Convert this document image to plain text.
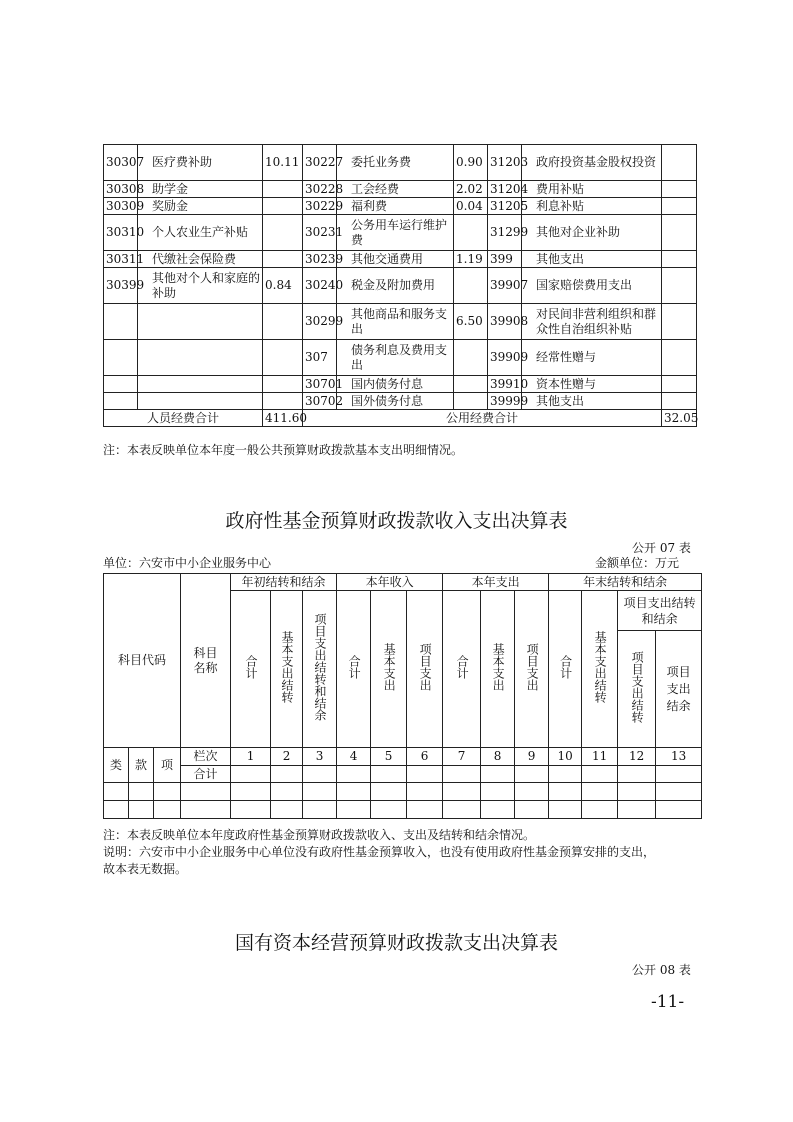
30307	医疗费补助	10.11	30227	委托业务费	0.90	31203	政府投资基金股权投资	
30308	助学金		30228	工会经费	2.02	31204	费用补贴	
30309	奖励金		30229	福利费	0.04	31205	利息补贴	
30310	个人农业生产补贴		30231	公务用车运行维护费		31299	其他对企业补助	
30311	代缴社会保险费		30239	其他交通费用	1.19	399	其他支出	
30399	其他对个人和家庭的补助	0.84	30240	税金及附加费用		39907	国家赔偿费用支出	
			30299	其他商品和服务支出	6.50	39908	对民间非营利组织和群众性自治组织补贴	
			307	债务利息及费用支出		39909	经常性赠与	
			30701	国内债务付息		39910	资本性赠与	
			30702	国外债务付息		39999	其他支出	
人员经费合计		411.60	公用经费合计					32.05
注：本表反映单位本年度一般公共预算财政拨款基本支出明细情况。
政府性基金预算财政拨款收入支出决算表
公开 07 表
单位：六安市中小企业服务中心	金额单位：万元
科目代码			科目名称	年初结转和结余			本年收入			本年支出			年末结转和结余			
				合计	基本支出结转	项目支出结转和结余	合计	基本支出	项目支出	合计	基本支出	项目支出	合计	基本支出结转	项目支出结转和结余	
															项目支出结转	项目支出结余
类	款	项	栏次	1	2	3	4	5	6	7	8	9	10	11	12	13
			合计													

注：本表反映单位本年度政府性基金预算财政拨款收入、支出及结转和结余情况。
说明：六安市中小企业服务中心单位没有政府性基金预算收入，也没有使用政府性基金预算安排的支出，
故本表无数据。
国有资本经营预算财政拨款支出决算表
公开 08 表
-11-
